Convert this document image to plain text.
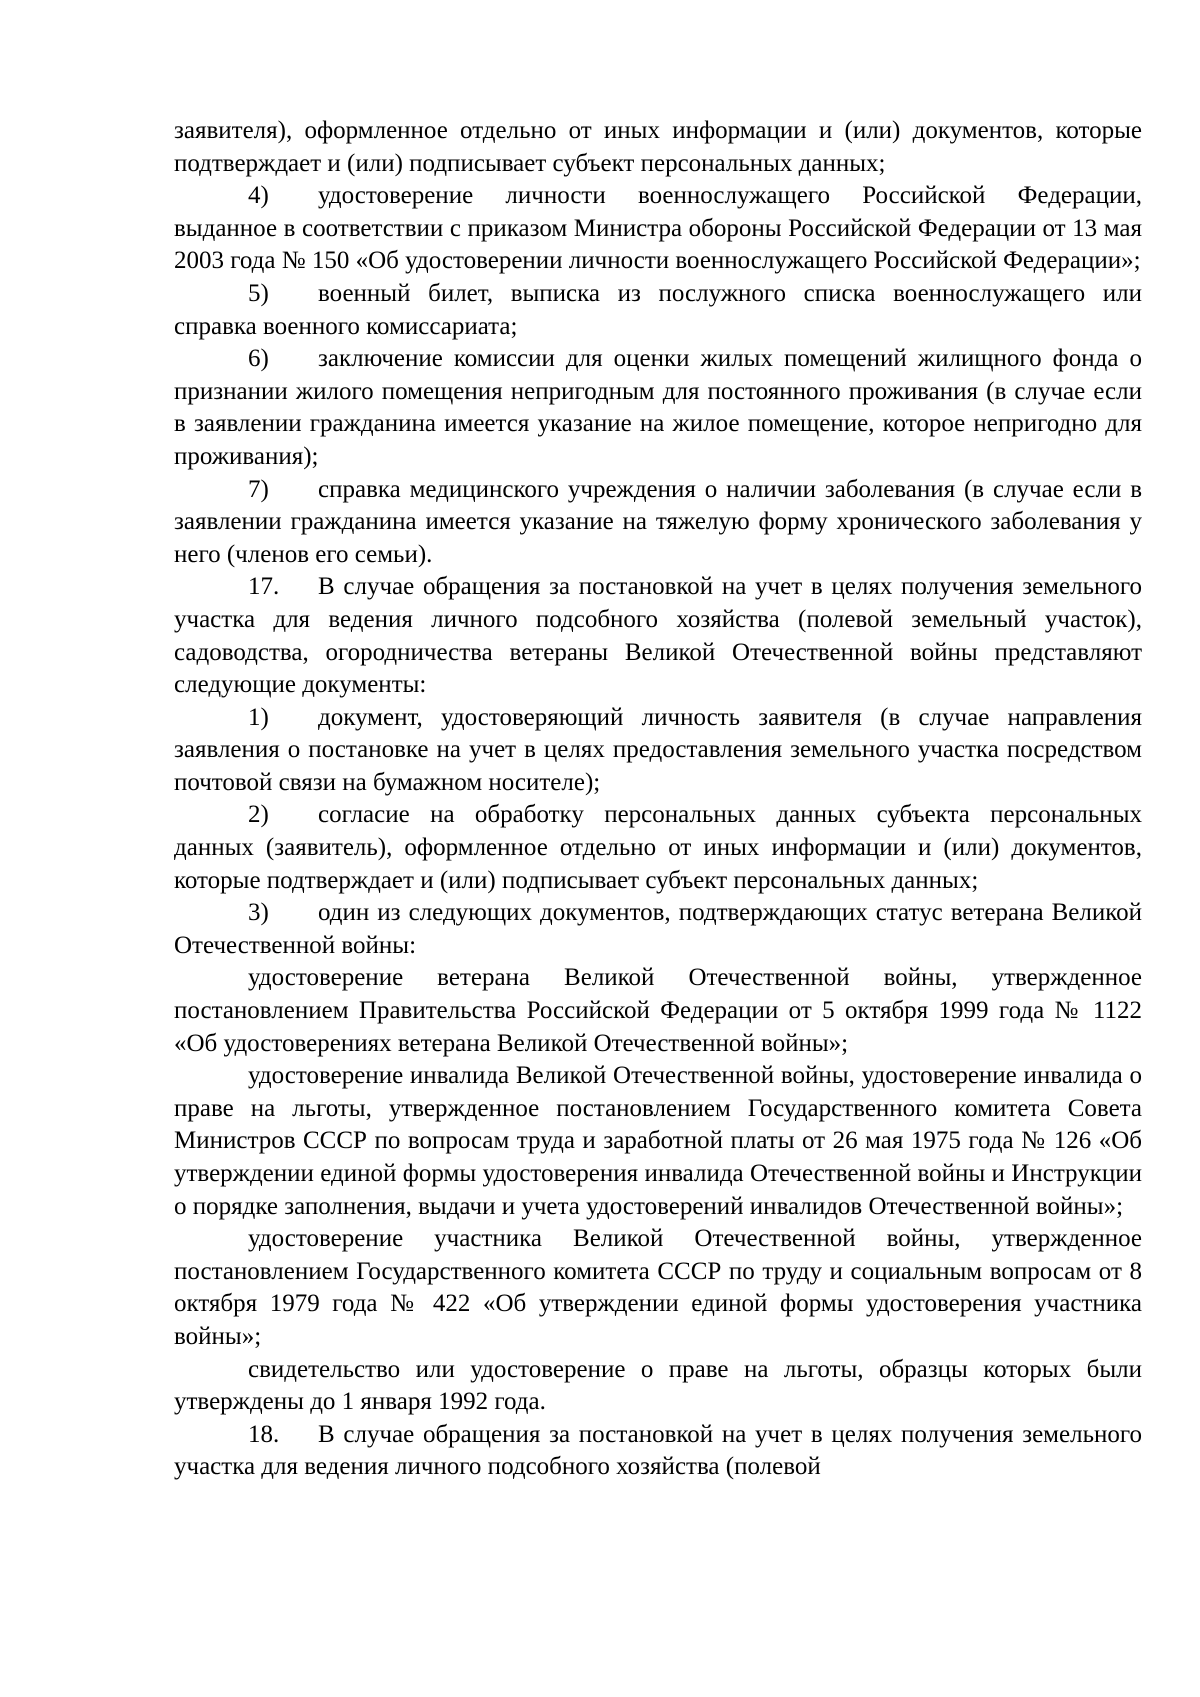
заявителя), оформленное отдельно от иных информации и (или) документов, которые подтверждает и (или) подписывает субъект персональных данных;

4) удостоверение личности военнослужащего Российской Федерации, выданное в соответствии с приказом Министра обороны Российской Федерации от 13 мая 2003 года № 150 «Об удостоверении личности военнослужащего Российской Федерации»;

5) военный билет, выписка из послужного списка военнослужащего или справка военного комиссариата;

6) заключение комиссии для оценки жилых помещений жилищного фонда о признании жилого помещения непригодным для постоянного проживания (в случае если в заявлении гражданина имеется указание на жилое помещение, которое непригодно для проживания);

7) справка медицинского учреждения о наличии заболевания (в случае если в заявлении гражданина имеется указание на тяжелую форму хронического заболевания у него (членов его семьи).

17. В случае обращения за постановкой на учет в целях получения земельного участка для ведения личного подсобного хозяйства (полевой земельный участок), садоводства, огородничества ветераны Великой Отечественной войны представляют следующие документы:

1) документ, удостоверяющий личность заявителя (в случае направления заявления о постановке на учет в целях предоставления земельного участка посредством почтовой связи на бумажном носителе);

2) согласие на обработку персональных данных субъекта персональных данных (заявитель), оформленное отдельно от иных информации и (или) документов, которые подтверждает и (или) подписывает субъект персональных данных;

3) один из следующих документов, подтверждающих статус ветерана Великой Отечественной войны:

удостоверение ветерана Великой Отечественной войны, утвержденное постановлением Правительства Российской Федерации от 5 октября 1999 года № 1122 «Об удостоверениях ветерана Великой Отечественной войны»;

удостоверение инвалида Великой Отечественной войны, удостоверение инвалида о праве на льготы, утвержденное постановлением Государственного комитета Совета Министров СССР по вопросам труда и заработной платы от 26 мая 1975 года № 126 «Об утверждении единой формы удостоверения инвалида Отечественной войны и Инструкции о порядке заполнения, выдачи и учета удостоверений инвалидов Отечественной войны»;

удостоверение участника Великой Отечественной войны, утвержденное постановлением Государственного комитета СССР по труду и социальным вопросам от 8 октября 1979 года № 422 «Об утверждении единой формы удостоверения участника войны»;

свидетельство или удостоверение о праве на льготы, образцы которых были утверждены до 1 января 1992 года.

18. В случае обращения за постановкой на учет в целях получения земельного участка для ведения личного подсобного хозяйства (полевой
